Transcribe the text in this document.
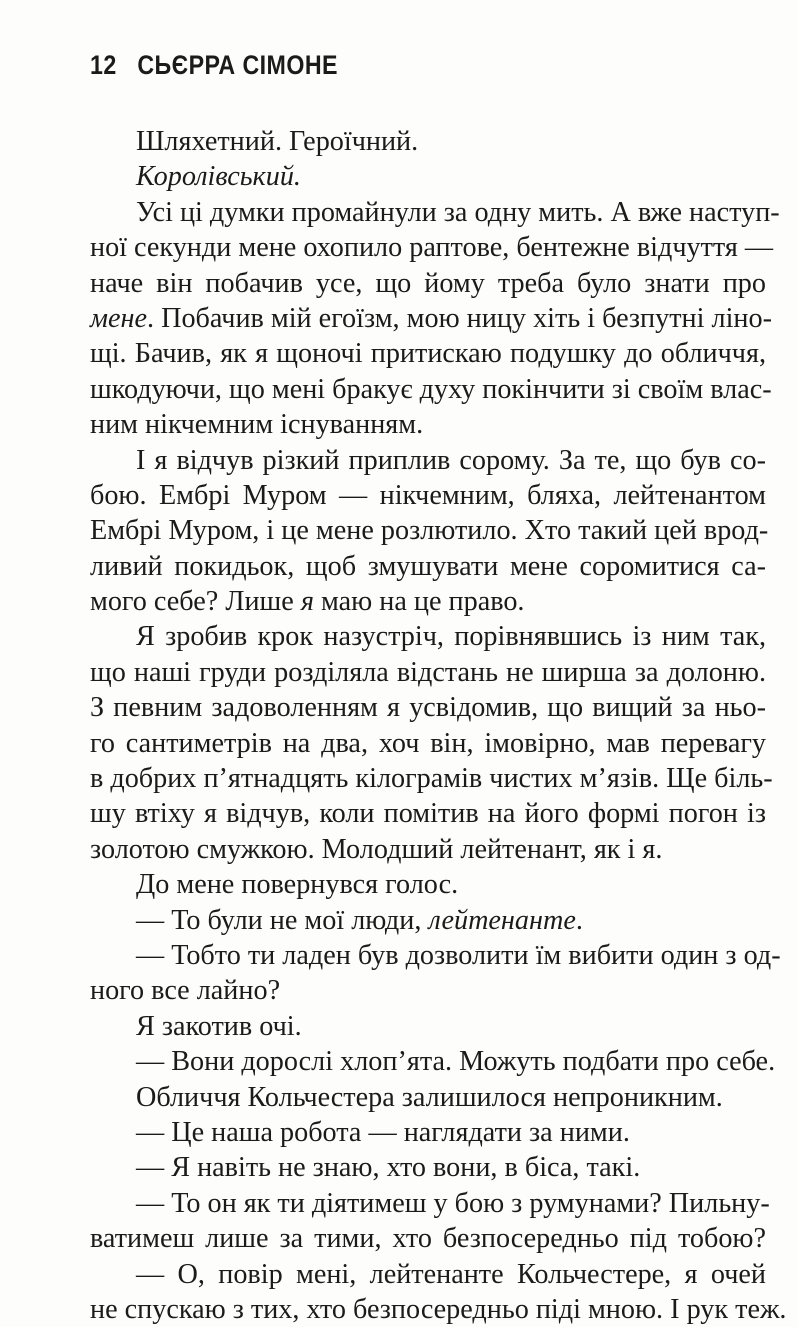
12 СЬЄРРА СІМОНЕ
Шляхетний. Героїчний.
Королівський.
Усі ці думки промайнули за одну мить. А вже наступ-
ної секунди мене охопило раптове, бентежне відчуття —
наче він побачив усе, що йому треба було знати про
мене. Побачив мій егоїзм, мою ницу хіть і безпутні ліно-
щі. Бачив, як я щоночі притискаю подушку до обличчя,
шкодуючи, що мені бракує духу покінчити зі своїм влас-
ним нікчемним існуванням.
І я відчув різкий приплив сорому. За те, що був со-
бою. Ембрі Муром — нікчемним, бляха, лейтенантом
Ембрі Муром, і це мене розлютило. Хто такий цей врод-
ливий покидьок, щоб змушувати мене соромитися са-
мого себе? Лише я маю на це право.
Я зробив крок назустріч, порівнявшись із ним так,
що наші груди розділяла відстань не ширша за долоню.
З певним задоволенням я усвідомив, що вищий за ньо-
го сантиметрів на два, хоч він, імовірно, мав перевагу
в добрих п’ятнадцять кілограмів чистих м’язів. Ще біль-
шу втіху я відчув, коли помітив на його формі погон із
золотою смужкою. Молодший лейтенант, як і я.
До мене повернувся голос.
— То були не мої люди, лейтенанте.
— Тобто ти ладен був дозволити їм вибити один з од-
ного все лайно?
Я закотив очі.
— Вони дорослі хлоп’ята. Можуть подбати про себе.
Обличчя Кольчестера залишилося непроникним.
— Це наша робота — наглядати за ними.
— Я навіть не знаю, хто вони, в біса, такі.
— То он як ти діятимеш у бою з румунами? Пильну-
ватимеш лише за тими, хто безпосередньо під тобою?
— О, повір мені, лейтенанте Кольчестере, я очей
не спускаю з тих, хто безпосередньо піді мною. І рук теж.
